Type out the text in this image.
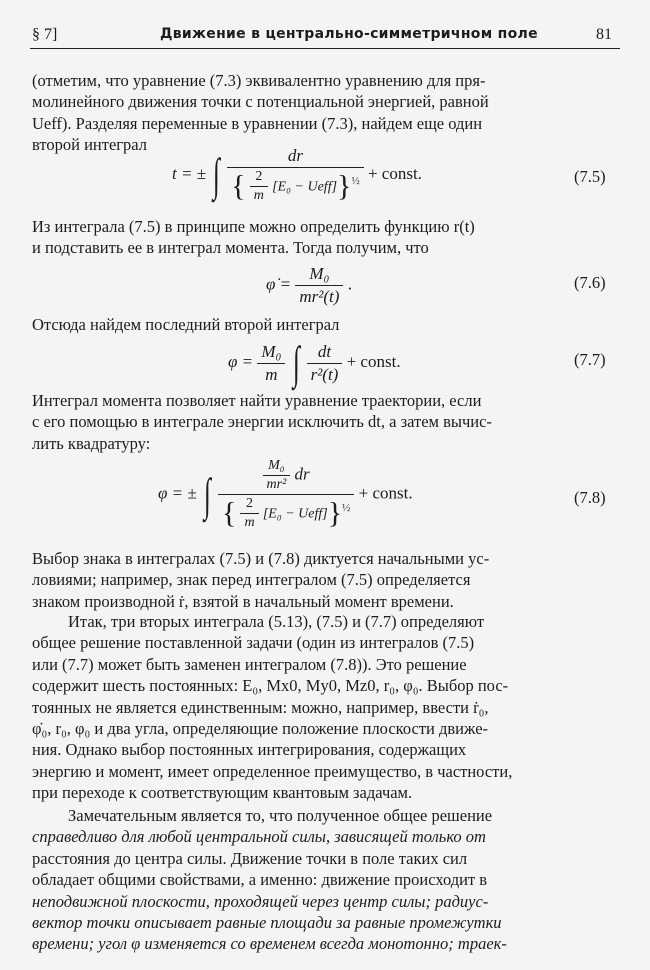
§ 7]	Движение в центрально-симметричном поле	81
(отметим, что уравнение (7.3) эквивалентно уравнению для пря-
молинейного движения точки с потенциальной энергией, равной
Ueff). Разделяя переменные в уравнении (7.3), найдем еще один
второй интеграл
t = ± ∫ $\frac{dr}{\{ \frac{2}{m} [E_0 - Ueff]\}^{\frac{1}{2}}}$ + const.	(7.5)
Из интеграла (7.5) в принципе можно определить функцию r(t)
и подставить ее в интеграл момента. Тогда получим, что
φ̇ = $\frac{\text{M₀}}{\text{mr²(t)}}$ .	(7.6)
Отсюда найдем последний второй интеграл
$\varphi = \frac{\text{M₀}}{m}$ ∫ $\frac{dt}{\text{r²(t)}}$ + const.	(7.7)
Интеграл момента позволяет найти уравнение траектории, если
с его помощью в интеграле энергии исключить dt, а затем вычис-
лить квадратуру:
φ = ± ∫ $\frac{\frac{\text{M₀}}{\text{mr²}} dr}{\{ \frac{2}{m} [E_0 - Ueff]\}^{\frac{1}{2}}}$ + const.	(7.8)
Выбор знака в интегралах (7.5) и (7.8) диктуется начальными ус-
ловиями; например, знак перед интегралом (7.5) определяется
знаком производной ṙ, взятой в начальный момент времени.
Итак, три вторых интеграла (5.13), (7.5) и (7.7) определяют
общее решение поставленной задачи (один из интегралов (7.5)
или (7.7) может быть заменен интегралом (7.8)). Это решение
содержит шесть постоянных: E₀, Mx0, My0, Mz0, r₀, φ₀. Выбор пос-
тоянных не является единственным: можно, например, ввести ṙ₀,
φ̇₀, r₀, φ₀ и два угла, определяющие положение плоскости движе-
ния. Однако выбор постоянных интегрирования, содержащих
энергию и момент, имеет определенное преимущество, в частности,
при переходе к соответствующим квантовым задачам.
Замечательным является то, что полученное общее решение
справедливо для любой центральной силы, зависящей только от
расстояния до центра силы. Движение точки в поле таких сил
обладает общими свойствами, а именно: движение происходит в
неподвижной плоскости, проходящей через центр силы; радиус-
вектор точки описывает равные площади за равные промежутки
времени; угол φ изменяется со временем всегда монотонно; траек-
